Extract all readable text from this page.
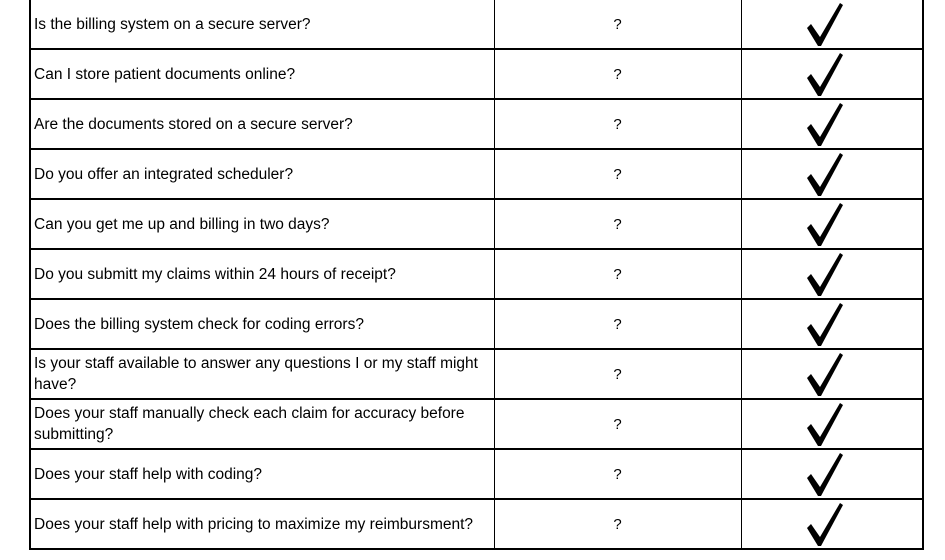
Is the billing system on a secure server?	?	

Can I store patient documents online?	?	

Are the documents stored on a secure server?	?	

Do you offer an integrated scheduler?	?	

Can you get me up and billing in two days?	?	

Do you submitt my claims within 24 hours of receipt?	?	

Does the billing system check for coding errors?	?	

Is your staff available to answer any questions I or my staff might have?	?	

Does your staff manually check each claim for accuracy before submitting?	?	

Does your staff help with coding?	?	

Does your staff help with pricing to maximize my reimbursment?	?	
